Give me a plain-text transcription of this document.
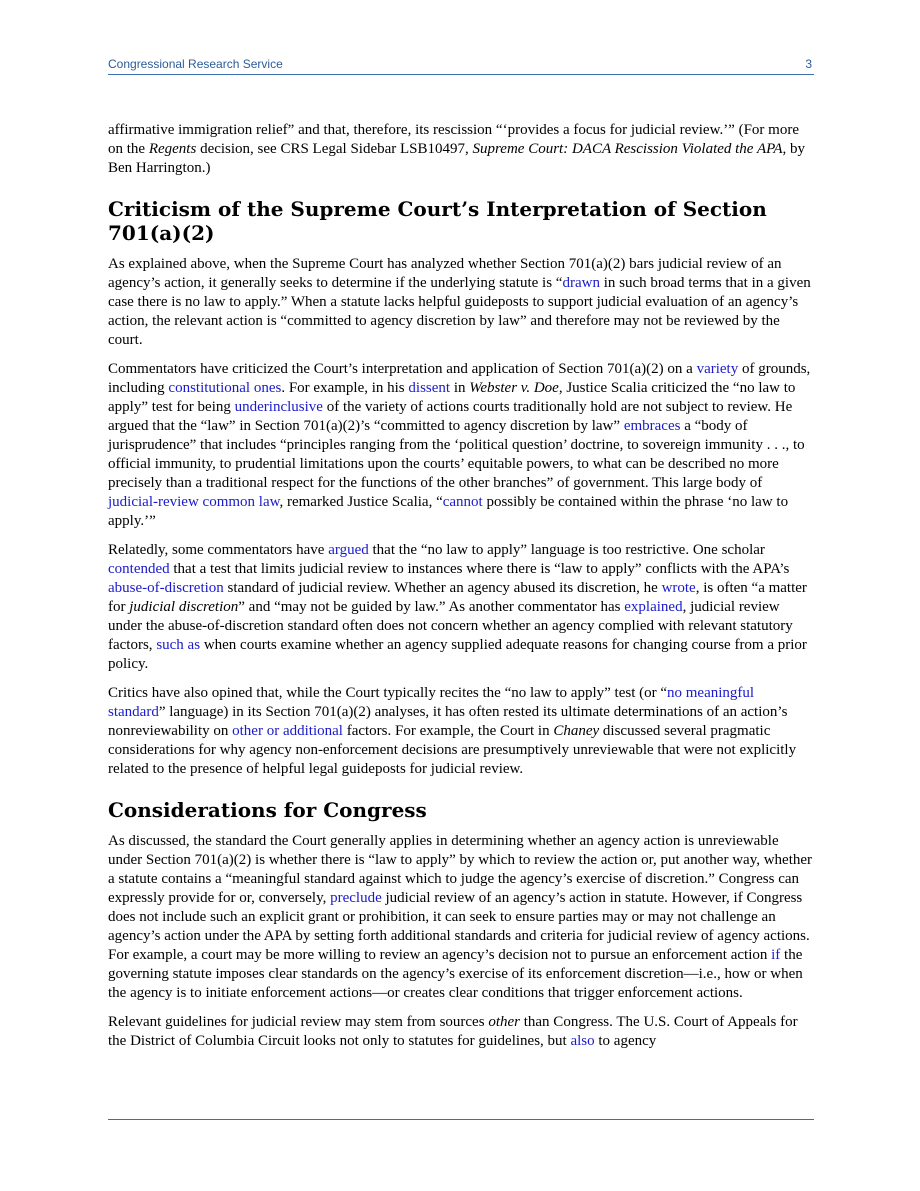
Congressional Research Service	3

affirmative immigration relief” and that, therefore, its rescission “‘provides a focus for judicial review.’” (For more on the Regents decision, see CRS Legal Sidebar LSB10497, Supreme Court: DACA Rescission Violated the APA, by Ben Harrington.)

Criticism of the Supreme Court’s Interpretation of Section 701(a)(2)

As explained above, when the Supreme Court has analyzed whether Section 701(a)(2) bars judicial review of an agency’s action, it generally seeks to determine if the underlying statute is “drawn in such broad terms that in a given case there is no law to apply.” When a statute lacks helpful guideposts to support judicial evaluation of an agency’s action, the relevant action is “committed to agency discretion by law” and therefore may not be reviewed by the court.

Commentators have criticized the Court’s interpretation and application of Section 701(a)(2) on a variety of grounds, including constitutional ones. For example, in his dissent in Webster v. Doe, Justice Scalia criticized the “no law to apply” test for being underinclusive of the variety of actions courts traditionally hold are not subject to review. He argued that the “law” in Section 701(a)(2)’s “committed to agency discretion by law” embraces a “body of jurisprudence” that includes “principles ranging from the ‘political question’ doctrine, to sovereign immunity . . ., to official immunity, to prudential limitations upon the courts’ equitable powers, to what can be described no more precisely than a traditional respect for the functions of the other branches” of government. This large body of judicial-review common law, remarked Justice Scalia, “cannot possibly be contained within the phrase ‘no law to apply.’”

Relatedly, some commentators have argued that the “no law to apply” language is too restrictive. One scholar contended that a test that limits judicial review to instances where there is “law to apply” conflicts with the APA’s abuse-of-discretion standard of judicial review. Whether an agency abused its discretion, he wrote, is often “a matter for judicial discretion” and “may not be guided by law.” As another commentator has explained, judicial review under the abuse-of-discretion standard often does not concern whether an agency complied with relevant statutory factors, such as when courts examine whether an agency supplied adequate reasons for changing course from a prior policy.

Critics have also opined that, while the Court typically recites the “no law to apply” test (or “no meaningful standard” language) in its Section 701(a)(2) analyses, it has often rested its ultimate determinations of an action’s nonreviewability on other or additional factors. For example, the Court in Chaney discussed several pragmatic considerations for why agency non-enforcement decisions are presumptively unreviewable that were not explicitly related to the presence of helpful legal guideposts for judicial review.

Considerations for Congress

As discussed, the standard the Court generally applies in determining whether an agency action is unreviewable under Section 701(a)(2) is whether there is “law to apply” by which to review the action or, put another way, whether a statute contains a “meaningful standard against which to judge the agency’s exercise of discretion.” Congress can expressly provide for or, conversely, preclude judicial review of an agency’s action in statute. However, if Congress does not include such an explicit grant or prohibition, it can seek to ensure parties may or may not challenge an agency’s action under the APA by setting forth additional standards and criteria for judicial review of agency actions. For example, a court may be more willing to review an agency’s decision not to pursue an enforcement action if the governing statute imposes clear standards on the agency’s exercise of its enforcement discretion—i.e., how or when the agency is to initiate enforcement actions—or creates clear conditions that trigger enforcement actions.

Relevant guidelines for judicial review may stem from sources other than Congress. The U.S. Court of Appeals for the District of Columbia Circuit looks not only to statutes for guidelines, but also to agency
